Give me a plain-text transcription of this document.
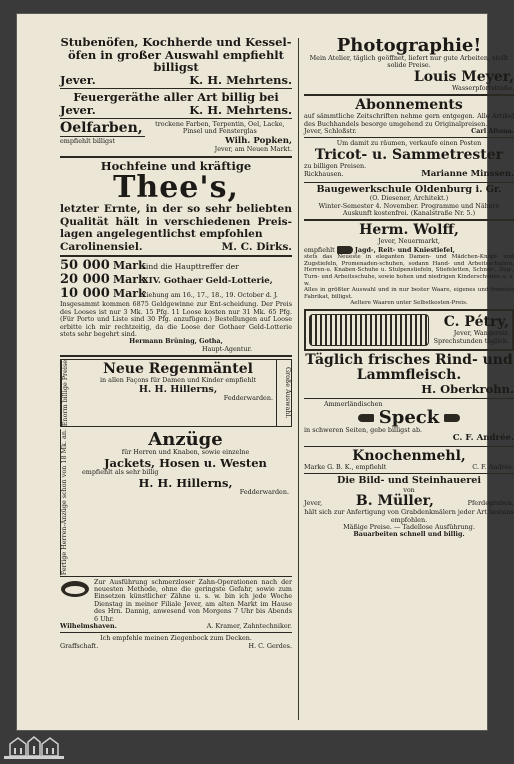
Stubenöfen, Kochherde und Kessel-öfen in großer Auswahl empfiehlt billigst
Jever.	K. H. Mehrtens.
Feuergeräthe aller Art billig bei
Jever.	K. H. Mehrtens.
Oelfarben,	trockene Farben, Terpentin, Oel, Lacke, Pinsel und Fensterglas
empfiehlt billigst	Wilh. Popken,
Jever, am Neuen Markt.
Hochfeine und kräftige
Thee's,
letzter Ernte, in der so sehr beliebten Qualität hält in verschiedenen Preis-lagen angelegentlichst empfohlen
Carolinensiel.	M. C. Dirks.
50 000 Mark
sind die Haupttreffer der
20 000 Mark
XIV. Gothaer Geld-Lotterie,
10 000 Mark
Ziehung am 16., 17., 18., 19. October d. J.
Insgesammt kommen 6875 Geldgewinne zur Ent-scheidung. Der Preis des Looses ist nur 3 Mk. 15 Pfg. 11 Loose kosten nur 31 Mk. 65 Pfg. (Für Porto und Liste sind 30 Pfg. anzufügen.) Bestellungen auf Loose erbitte ich mir rechtzeitig, da die Loose der Gothaer Geld-Lotterie stets sehr begehrt sind.
Hermann Brüning, Gotha,
Haupt-Agentur.
Enorm billige Preise	Neue Regenmäntel
in allen Façons für Damen und Kinder empfiehlt
H. H. Hillerns,
Fedderwarden.	Große Auswahl.
Fertige Herren-Anzüge schon von 18 Mk. an.	Anzüge
für Herren und Knaben, sowie einzelne
Jackets, Hosen u. Westen
empfiehlt als sehr billig
H. H. Hillerns,
Fedderwarden.
Zur Ausführung schmerzloser Zahn-Operationen nach der neuesten Methode, ohne die geringste Gefahr, sowie zum Einsetzen künstlicher Zähne u. s. w. bin ich jede Woche Dienstag in meiner Filiale Jever, am alten Markt im Hause des Hrn. Dannig, anwesend von Morgens 7 Uhr bis Abends 6 Uhr.
Wilhelmshaven.	A. Kramer, Zahntechniker.
Ich empfehle meinen Ziegenbock zum Decken.
Graffschaft.	H. C. Gerdes.
Photographie!
Mein Atelier, täglich geöffnet, liefert nur gute Arbeiten, stellt solide Preise.
Louis Meyer,
Wasserpfortstraße.
Abonnements
auf sämmtliche Zeitschriften nehme gern entgegen. Alle Artikel des Buchhandels besorge umgehend zu Originalpreisen.
Jever, Schloßstr.	Carl Altona.
Um damit zu räumen, verkaufe einen Posten
Tricot- u. Sammetrester
zu billigen Preisen.
Rickhausen.	Marianne Minssen.
Baugewerkschule Oldenburg i. Gr.
(O. Diesener, Architekt.)
Winter-Semester 4. November. Programme und Nähere Auskunft kostenfrei. (Kanalstraße Nr. 5.)
Herm. Wolff,
Jever, Neuermarkt,
empfiehlt	Jagd-, Reit- und Kniestiefel,
stets das Neueste in eleganten Damen- und Mädchen-Knopf- und Zugstiefeln, Promenaden-schuhen, sodann Hand- und Arbeitsschuhen, Herren-u. Knaben-Schuhe u. Stulpenstiefeln, Stiefeletten, Schnür-, Zug-, Turn- und Arbeitsschuhe, sowie hohen und niedrigen Kinderschuhen u. s. w.
Alles in größter Auswahl und in nur bester Waare, eigenes und fremdes Fabrikat, billigst.
Aeltere Waaren unter Selbstkosten-Preis.
C. Pétry,
Jever, Wangerstr.
Sprechstunden täglich.
Täglich frisches Rind- und Lammfleisch.
H. Oberkrohn.
Ammerländischen
Speck
in schweren Seiten, gebe billigst ab.
C. F. Andrée.
Knochenmehl,
Marke G. B. K., empfiehlt	C. F. Andrée.
Die Bild- und Steinhauerei
von
Jever, B. Müller,	Pferdegraben,
hält sich zur Anfertigung von Grabdenkmälern jeder Art bestens empfohlen.
Mäßige Preise. — Tadellose Ausführung.
Bauarbeiten schnell und billig.
